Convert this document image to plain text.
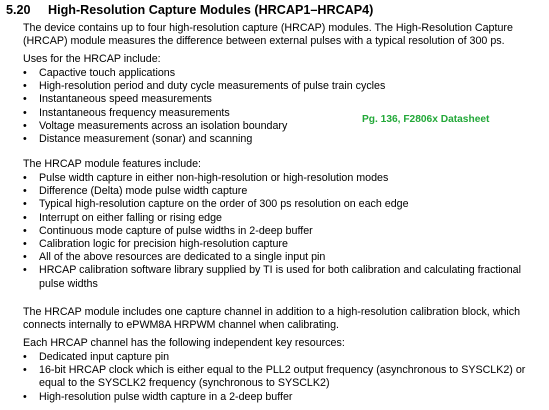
5.20 High-Resolution Capture Modules (HRCAP1–HRCAP4)
The device contains up to four high-resolution capture (HRCAP) modules. The High-Resolution Capture (HRCAP) module measures the difference between external pulses with a typical resolution of 300 ps.
Uses for the HRCAP include:
• Capactive touch applications
• High-resolution period and duty cycle measurements of pulse train cycles
• Instantaneous speed measurements
• Instantaneous frequency measurements
• Voltage measurements across an isolation boundary
• Distance measurement (sonar) and scanning
Pg. 136, F2806x Datasheet
The HRCAP module features include:
• Pulse width capture in either non-high-resolution or high-resolution modes
• Difference (Delta) mode pulse width capture
• Typical high-resolution capture on the order of 300 ps resolution on each edge
• Interrupt on either falling or rising edge
• Continuous mode capture of pulse widths in 2-deep buffer
• Calibration logic for precision high-resolution capture
• All of the above resources are dedicated to a single input pin
• HRCAP calibration software library supplied by TI is used for both calibration and calculating fractional pulse widths
The HRCAP module includes one capture channel in addition to a high-resolution calibration block, which connects internally to ePWM8A HRPWM channel when calibrating.
Each HRCAP channel has the following independent key resources:
• Dedicated input capture pin
• 16-bit HRCAP clock which is either equal to the PLL2 output frequency (asynchronous to SYSCLK2) or equal to the SYSCLK2 frequency (synchronous to SYSCLK2)
• High-resolution pulse width capture in a 2-deep buffer
